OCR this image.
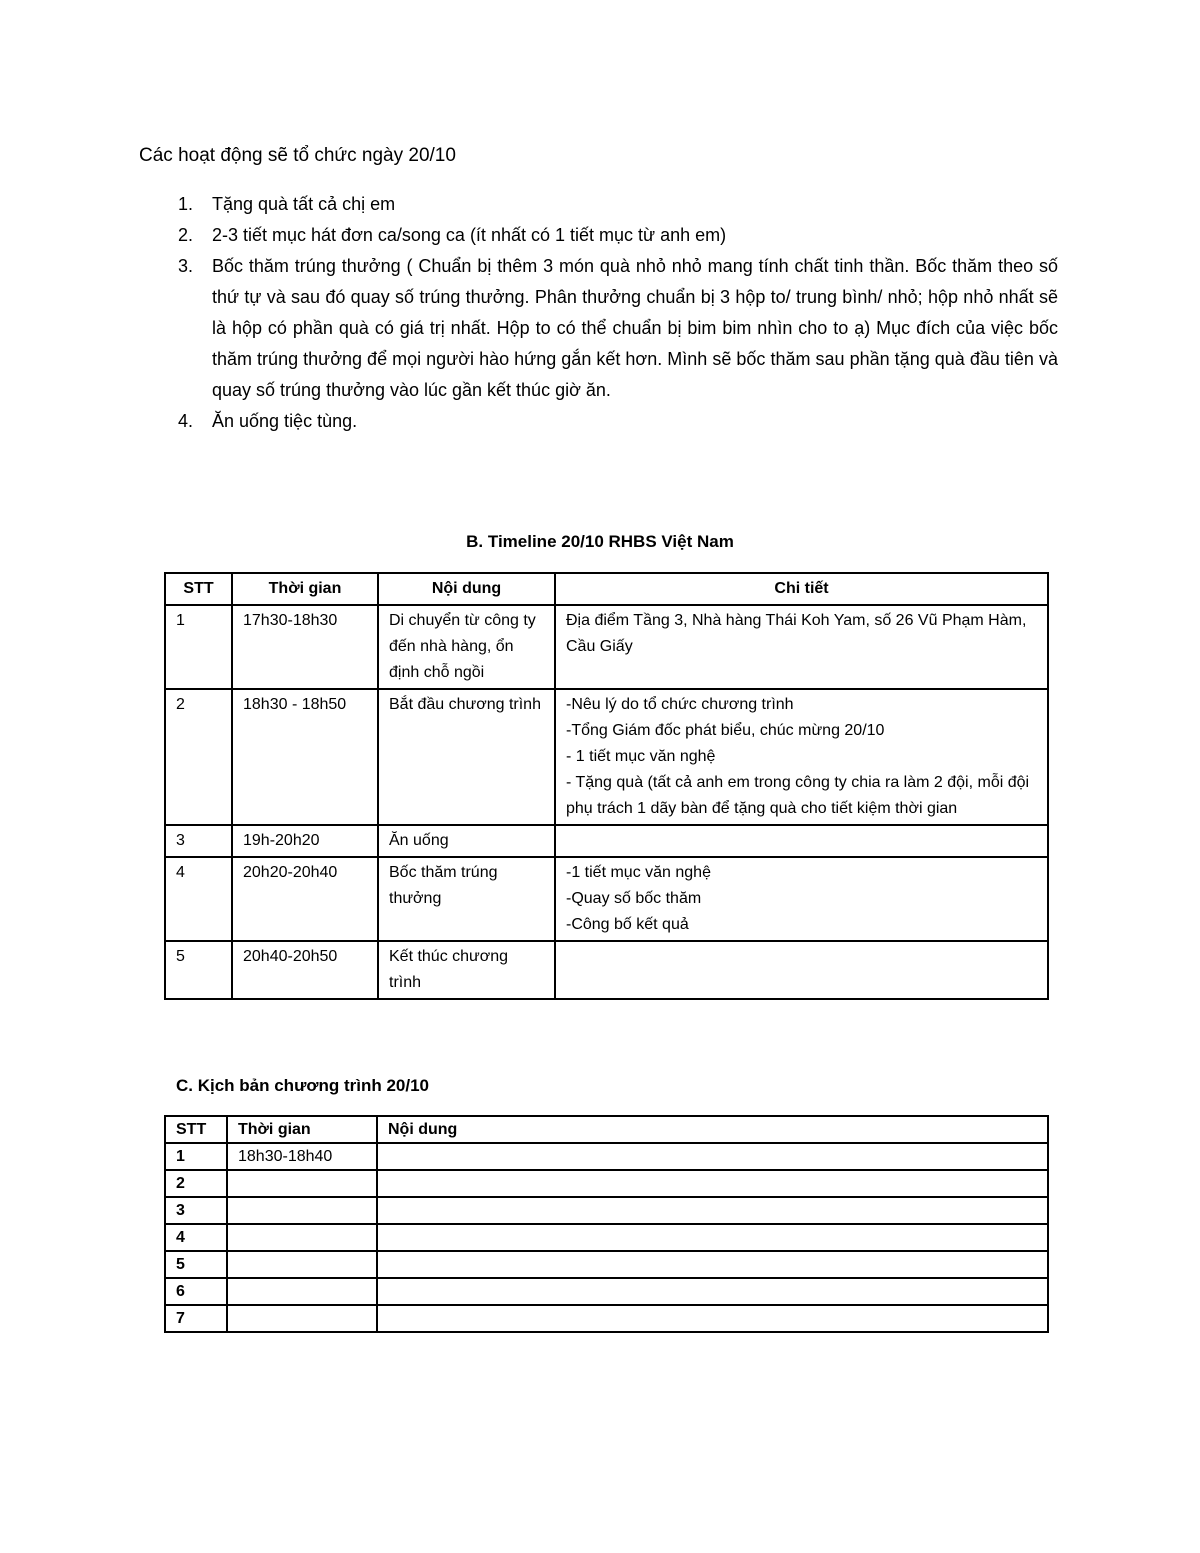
Các hoạt động sẽ tổ chức ngày 20/10
1. Tặng quà tất cả chị em
2. 2-3 tiết mục hát đơn ca/song ca (ít nhất có 1 tiết mục từ anh em)
3. Bốc thăm trúng thưởng ( Chuẩn bị thêm 3 món quà nhỏ nhỏ mang tính chất tinh thần. Bốc thăm theo số thứ tự và sau đó quay số trúng thưởng. Phân thưởng chuẩn bị 3 hộp to/ trung bình/ nhỏ; hộp nhỏ nhất sẽ là hộp có phần quà có giá trị nhất. Hộp to có thể chuẩn bị bim bim nhìn cho to ạ) Mục đích của việc bốc thăm trúng thưởng để mọi người hào hứng gắn kết hơn. Mình sẽ bốc thăm sau phần tặng quà đầu tiên và quay số trúng thưởng vào lúc gần kết thúc giờ ăn.
4. Ăn uống tiệc tùng.
B. Timeline 20/10 RHBS Việt Nam
STT	Thời gian	Nội dung	Chi tiết
1	17h30-18h30	Di chuyển từ công ty đến nhà hàng, ổn định chỗ ngồi	Địa điểm Tầng 3, Nhà hàng Thái Koh Yam, số 26 Vũ Phạm Hàm, Cầu Giấy

2	18h30 - 18h50	Bắt đầu chương trình	-Nêu lý do tổ chức chương trình
-Tổng Giám đốc phát biểu, chúc mừng 20/10
- 1 tiết mục văn nghệ
- Tặng quà (tất cả anh em trong công ty chia ra làm 2 đội, mỗi đội phụ trách 1 dãy bàn để tặng quà cho tiết kiệm thời gian

3	19h-20h20	Ăn uống	
4	20h20-20h40	Bốc thăm trúng thưởng	-1 tiết mục văn nghệ
-Quay số bốc thăm
-Công bố kết quả

5	20h40-20h50	Kết thúc chương trình	
C. Kịch bản chương trình 20/10
STT	Thời gian	Nội dung
1	18h30-18h40	
2		
3		
4		
5		
6		
7		
